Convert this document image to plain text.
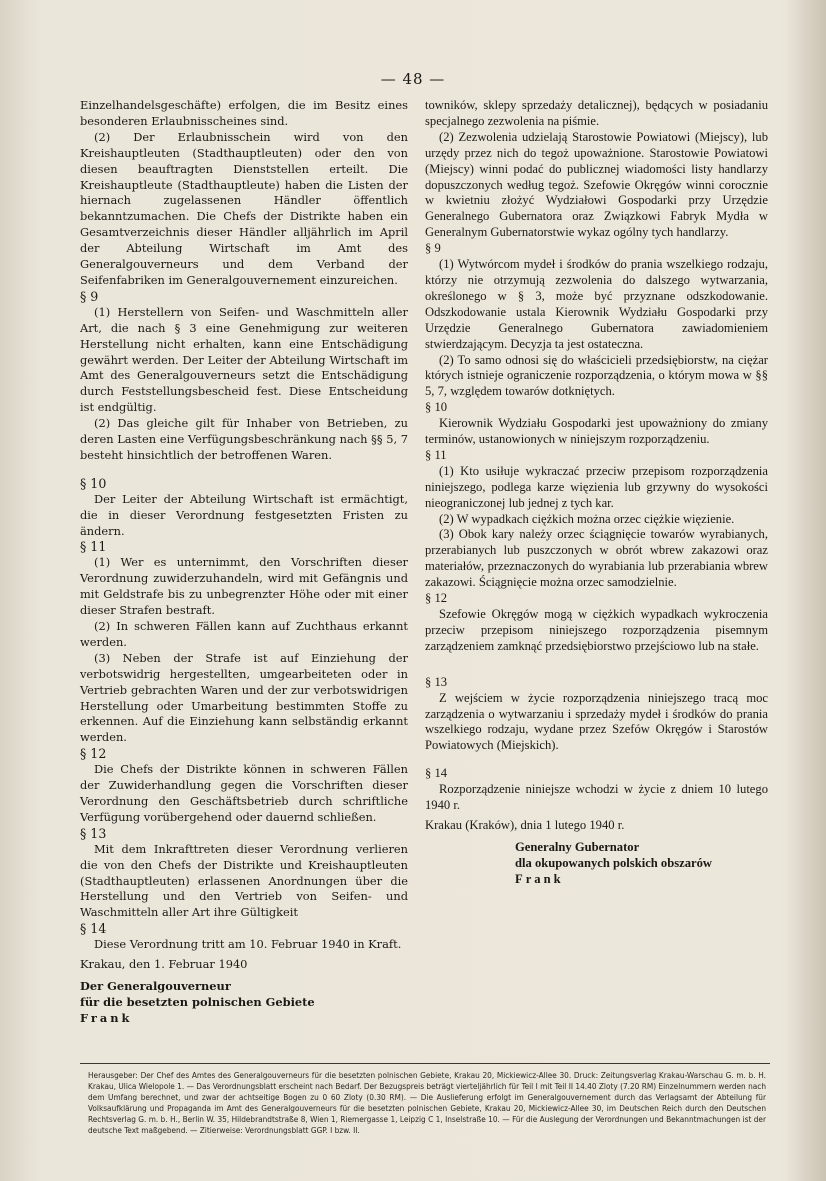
— 48 —

Einzelhandelsgeschäfte) erfolgen, die im Besitz eines besonderen Erlaubnisscheines sind.

(2) Der Erlaubnisschein wird von den Kreishauptleuten (Stadthauptleuten) oder den von diesen beauftragten Dienststellen erteilt. Die Kreishauptleute (Stadthauptleute) haben die Listen der hiernach zugelassenen Händler öffentlich bekanntzumachen. Die Chefs der Distrikte haben ein Gesamtverzeichnis dieser Händler alljährlich im April der Abteilung Wirtschaft im Amt des Generalgouverneurs und dem Verband der Seifenfabriken im Generalgouvernement einzureichen.

§ 9

(1) Herstellern von Seifen- und Waschmitteln aller Art, die nach § 3 eine Genehmigung zur weiteren Herstellung nicht erhalten, kann eine Entschädigung gewährt werden. Der Leiter der Abteilung Wirtschaft im Amt des Generalgouverneurs setzt die Entschädigung durch Feststellungsbescheid fest. Diese Entscheidung ist endgültig.

(2) Das gleiche gilt für Inhaber von Betrieben, zu deren Lasten eine Verfügungsbeschränkung nach §§ 5, 7 besteht hinsichtlich der betroffenen Waren.

§ 10

Der Leiter der Abteilung Wirtschaft ist ermächtigt, die in dieser Verordnung festgesetzten Fristen zu ändern.

§ 11

(1) Wer es unternimmt, den Vorschriften dieser Verordnung zuwiderzuhandeln, wird mit Gefängnis und mit Geldstrafe bis zu unbegrenzter Höhe oder mit einer dieser Strafen bestraft.

(2) In schweren Fällen kann auf Zuchthaus erkannt werden.

(3) Neben der Strafe ist auf Einziehung der verbotswidrig hergestellten, umgearbeiteten oder in Vertrieb gebrachten Waren und der zur verbotswidrigen Herstellung oder Umarbeitung bestimmten Stoffe zu erkennen. Auf die Einziehung kann selbständig erkannt werden.

§ 12

Die Chefs der Distrikte können in schweren Fällen der Zuwiderhandlung gegen die Vorschriften dieser Verordnung den Geschäftsbetrieb durch schriftliche Verfügung vorübergehend oder dauernd schließen.

§ 13

Mit dem Inkrafttreten dieser Verordnung verlieren die von den Chefs der Distrikte und Kreishauptleuten (Stadthauptleuten) erlassenen Anordnungen über die Herstellung und den Vertrieb von Seifen- und Waschmitteln aller Art ihre Gültigkeit

§ 14

Diese Verordnung tritt am 10. Februar 1940 in Kraft.

Krakau, den 1. Februar 1940

Der Generalgouverneur

für die besetzten polnischen Gebiete

Frank

towników, sklepy sprzedaży detalicznej), będących w posiadaniu specjalnego zezwolenia na piśmie.

(2) Zezwolenia udzielają Starostowie Powiatowi (Miejscy), lub urzędy przez nich do tegoż upoważnione. Starostowie Powiatowi (Miejscy) winni podać do publicznej wiadomości listy handlarzy dopuszczonych według tegoż. Szefowie Okręgów winni corocznie w kwietniu złożyć Wydziałowi Gospodarki przy Urzędzie Generalnego Gubernatora oraz Związkowi Fabryk Mydła w Generalnym Gubernatorstwie wykaz ogólny tych handlarzy.

§ 9

(1) Wytwórcom mydeł i środków do prania wszelkiego rodzaju, którzy nie otrzymują zezwolenia do dalszego wytwarzania, określonego w § 3, może być przyznane odszkodowanie. Odszkodowanie ustala Kierownik Wydziału Gospodarki przy Urzędzie Generalnego Gubernatora zawiadomieniem stwierdzającym. Decyzja ta jest ostateczna.

(2) To samo odnosi się do właścicieli przedsiębiorstw, na ciężar których istnieje ograniczenie rozporządzenia, o którym mowa w §§ 5, 7, względem towarów dotkniętych.

§ 10

Kierownik Wydziału Gospodarki jest upoważniony do zmiany terminów, ustanowionych w niniejszym rozporządzeniu.

§ 11

(1) Kto usiłuje wykraczać przeciw przepisom rozporządzenia niniejszego, podlega karze więzienia lub grzywny do wysokości nieograniczonej lub jednej z tych kar.

(2) W wypadkach ciężkich można orzec ciężkie więzienie.

(3) Obok kary należy orzec ściągnięcie towarów wyrabianych, przerabianych lub puszczonych w obrót wbrew zakazowi oraz materiałów, przeznaczonych do wyrabiania lub przerabiania wbrew zakazowi. Ściągnięcie można orzec samodzielnie.

§ 12

Szefowie Okręgów mogą w ciężkich wypadkach wykroczenia przeciw przepisom niniejszego rozporządzenia pisemnym zarządzeniem zamknąć przedsiębiorstwo przejściowo lub na stałe.

§ 13

Z wejściem w życie rozporządzenia niniejszego tracą moc zarządzenia o wytwarzaniu i sprzedaży mydeł i środków do prania wszelkiego rodzaju, wydane przez Szefów Okręgów i Starostów Powiatowych (Miejskich).

§ 14

Rozporządzenie niniejsze wchodzi w życie z dniem 10 lutego 1940 r.

Krakau (Kraków), dnia 1 lutego 1940 r.

Generalny Gubernator

dla okupowanych polskich obszarów

Frank

Herausgeber: Der Chef des Amtes des Generalgouverneurs für die besetzten polnischen Gebiete, Krakau 20, Mickiewicz-Allee 30. Druck: Zeitungsverlag Krakau-Warschau G. m. b. H. Krakau, Ulica Wielopole 1. — Das Verordnungsblatt erscheint nach Bedarf. Der Bezugspreis beträgt vierteljährlich für Teil I mit Teil II 14.40 Zloty (7.20 RM) Einzelnummern werden nach dem Umfang berechnet, und zwar der achtseitige Bogen zu 0 60 Zloty (0.30 RM). — Die Auslieferung erfolgt im Generalgouvernement durch das Verlagsamt der Abteilung für Volksaufklärung und Propaganda im Amt des Generalgouverneurs für die besetzten polnischen Gebiete, Krakau 20, Mickiewicz-Allee 30, im Deutschen Reich durch den Deutschen Rechtsverlag G. m. b. H., Berlin W. 35, Hildebrandtstraße 8, Wien 1, Riemergasse 1, Leipzig C 1, Inselstraße 10. — Für die Auslegung der Verordnungen und Bekanntmachungen ist der deutsche Text maßgebend. — Zitierweise: Verordnungsblatt GGP. I bzw. II.
